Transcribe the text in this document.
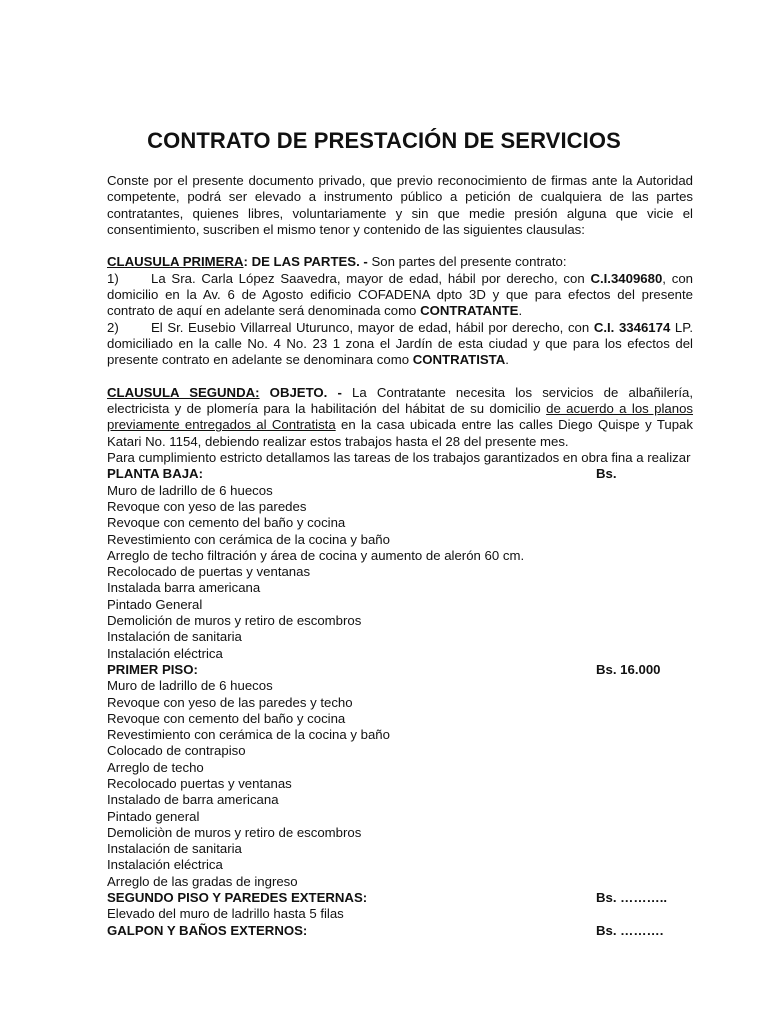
CONTRATO DE PRESTACIÓN DE SERVICIOS
Conste por el presente documento privado, que previo reconocimiento de firmas ante la Autoridad competente, podrá ser elevado a instrumento público a petición de cualquiera de las partes contratantes, quienes libres, voluntariamente y sin que medie presión alguna que vicie el consentimiento, suscriben el mismo tenor y contenido de las siguientes clausulas:
CLAUSULA PRIMERA: DE LAS PARTES. - Son partes del presente contrato:
1) La Sra. Carla López Saavedra, mayor de edad, hábil por derecho, con C.I.3409680, con domicilio en la Av. 6 de Agosto edificio COFADENA dpto 3D y que para efectos del presente contrato de aquí en adelante será denominada como CONTRATANTE.
2) El Sr. Eusebio Villarreal Uturunco, mayor de edad, hábil por derecho, con C.I. 3346174 LP. domiciliado en la calle No. 4 No. 23 1 zona el Jardín de esta ciudad y que para los efectos del presente contrato en adelante se denominara como CONTRATISTA.
CLAUSULA SEGUNDA: OBJETO. - La Contratante necesita los servicios de albañilería, electricista y de plomería para la habilitación del hábitat de su domicilio de acuerdo a los planos previamente entregados al Contratista en la casa ubicada entre las calles Diego Quispe y Tupak Katari No. 1154, debiendo realizar estos trabajos hasta el 28 del presente mes.
Para cumplimiento estricto detallamos las tareas de los trabajos garantizados en obra fina a realizar
PLANTA BAJA:	Bs.
Muro de ladrillo de 6 huecos
Revoque con yeso de las paredes
Revoque con cemento del baño y cocina
Revestimiento con cerámica de la cocina y baño
Arreglo de techo filtración y área de cocina y aumento de alerón 60 cm.
Recolocado de puertas y ventanas
Instalada barra americana
Pintado General
Demolición de muros y retiro de escombros
Instalación de sanitaria
Instalación eléctrica
PRIMER PISO:	Bs. 16.000
Muro de ladrillo de 6 huecos
Revoque con yeso de las paredes y techo
Revoque con cemento del baño y cocina
Revestimiento con cerámica de la cocina y baño
Colocado de contrapiso
Arreglo de techo
Recolocado puertas y ventanas
Instalado de barra americana
Pintado general
Demoliciòn de muros y retiro de escombros
Instalación de sanitaria
Instalación eléctrica
Arreglo de las gradas de ingreso
SEGUNDO PISO Y PAREDES EXTERNAS:	Bs. ………..
Elevado del muro de ladrillo hasta 5 filas
GALPON Y BAÑOS EXTERNOS:	Bs. ……….
